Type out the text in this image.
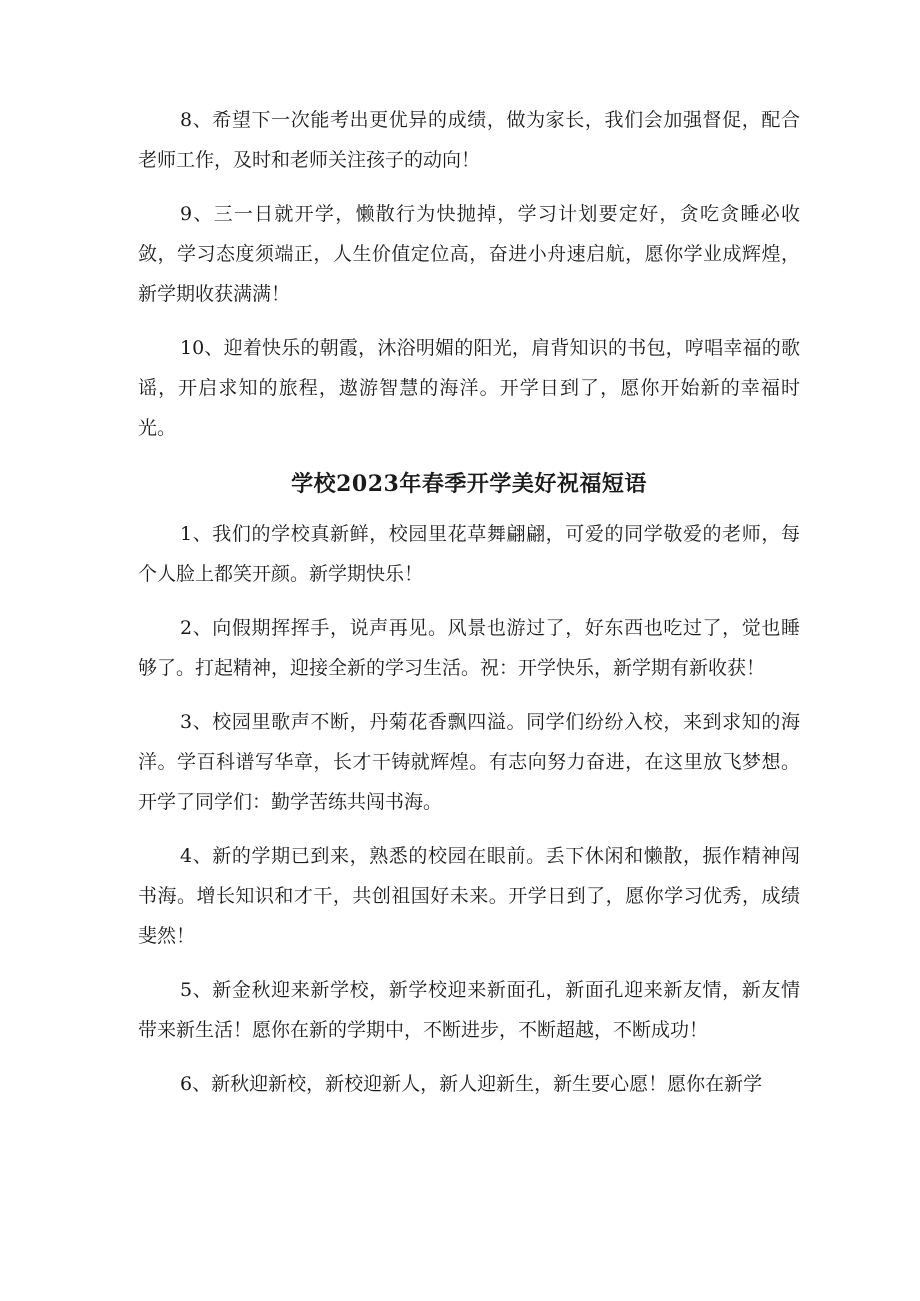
8、希望下一次能考出更优异的成绩，做为家长，我们会加强督促，配合老师工作，及时和老师关注孩子的动向！

9、三一日就开学，懒散行为快抛掉，学习计划要定好，贪吃贪睡必收敛，学习态度须端正，人生价值定位高，奋进小舟速启航，愿你学业成辉煌，新学期收获满满！

10、迎着快乐的朝霞，沐浴明媚的阳光，肩背知识的书包，哼唱幸福的歌谣，开启求知的旅程，遨游智慧的海洋。开学日到了，愿你开始新的幸福时光。

学校2023年春季开学美好祝福短语

1、我们的学校真新鲜，校园里花草舞翩翩，可爱的同学敬爱的老师，每个人脸上都笑开颜。新学期快乐！

2、向假期挥挥手，说声再见。风景也游过了，好东西也吃过了，觉也睡够了。打起精神，迎接全新的学习生活。祝：开学快乐，新学期有新收获！

3、校园里歌声不断，丹菊花香飘四溢。同学们纷纷入校，来到求知的海洋。学百科谱写华章，长才干铸就辉煌。有志向努力奋进，在这里放飞梦想。开学了同学们：勤学苦练共闯书海。

4、新的学期已到来，熟悉的校园在眼前。丢下休闲和懒散，振作精神闯书海。增长知识和才干，共创祖国好未来。开学日到了，愿你学习优秀，成绩斐然！

5、新金秋迎来新学校，新学校迎来新面孔，新面孔迎来新友情，新友情带来新生活！愿你在新的学期中，不断进步，不断超越，不断成功！

6、新秋迎新校，新校迎新人，新人迎新生，新生要心愿！愿你在新学
